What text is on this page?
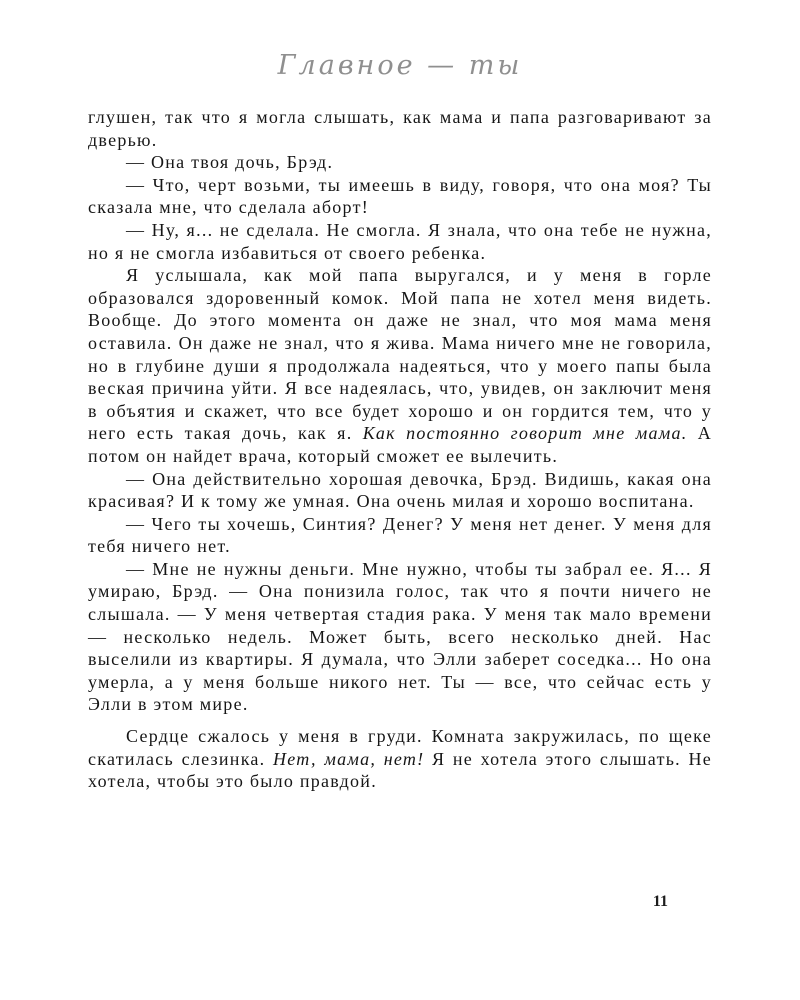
Главное — ты

глушен, так что я могла слышать, как мама и папа разговаривают за дверью.

— Она твоя дочь, Брэд.

— Что, черт возьми, ты имеешь в виду, говоря, что она моя? Ты сказала мне, что сделала аборт!

— Ну, я... не сделала. Не смогла. Я знала, что она тебе не нужна, но я не смогла избавиться от своего ребенка.

Я услышала, как мой папа выругался, и у меня в горле образовался здоровенный комок. Мой папа не хотел меня видеть. Вообще. До этого момента он даже не знал, что моя мама меня оставила. Он даже не знал, что я жива. Мама ничего мне не говорила, но в глубине души я продолжала надеяться, что у моего папы была веская причина уйти. Я все надеялась, что, увидев, он заключит меня в объятия и скажет, что все будет хорошо и он гордится тем, что у него есть такая дочь, как я. Как постоянно говорит мне мама. А потом он найдет врача, который сможет ее вылечить.

— Она действительно хорошая девочка, Брэд. Видишь, какая она красивая? И к тому же умная. Она очень милая и хорошо воспитана.

— Чего ты хочешь, Синтия? Денег? У меня нет денег. У меня для тебя ничего нет.

— Мне не нужны деньги. Мне нужно, чтобы ты забрал ее. Я... Я умираю, Брэд. — Она понизила голос, так что я почти ничего не слышала. — У меня четвертая стадия рака. У меня так мало времени — несколько недель. Может быть, всего несколько дней. Нас выселили из квартиры. Я думала, что Элли заберет соседка... Но она умерла, а у меня больше никого нет. Ты — все, что сейчас есть у Элли в этом мире.

Сердце сжалось у меня в груди. Комната закружилась, по щеке скатилась слезинка. Нет, мама, нет! Я не хотела этого слышать. Не хотела, чтобы это было правдой.

11
